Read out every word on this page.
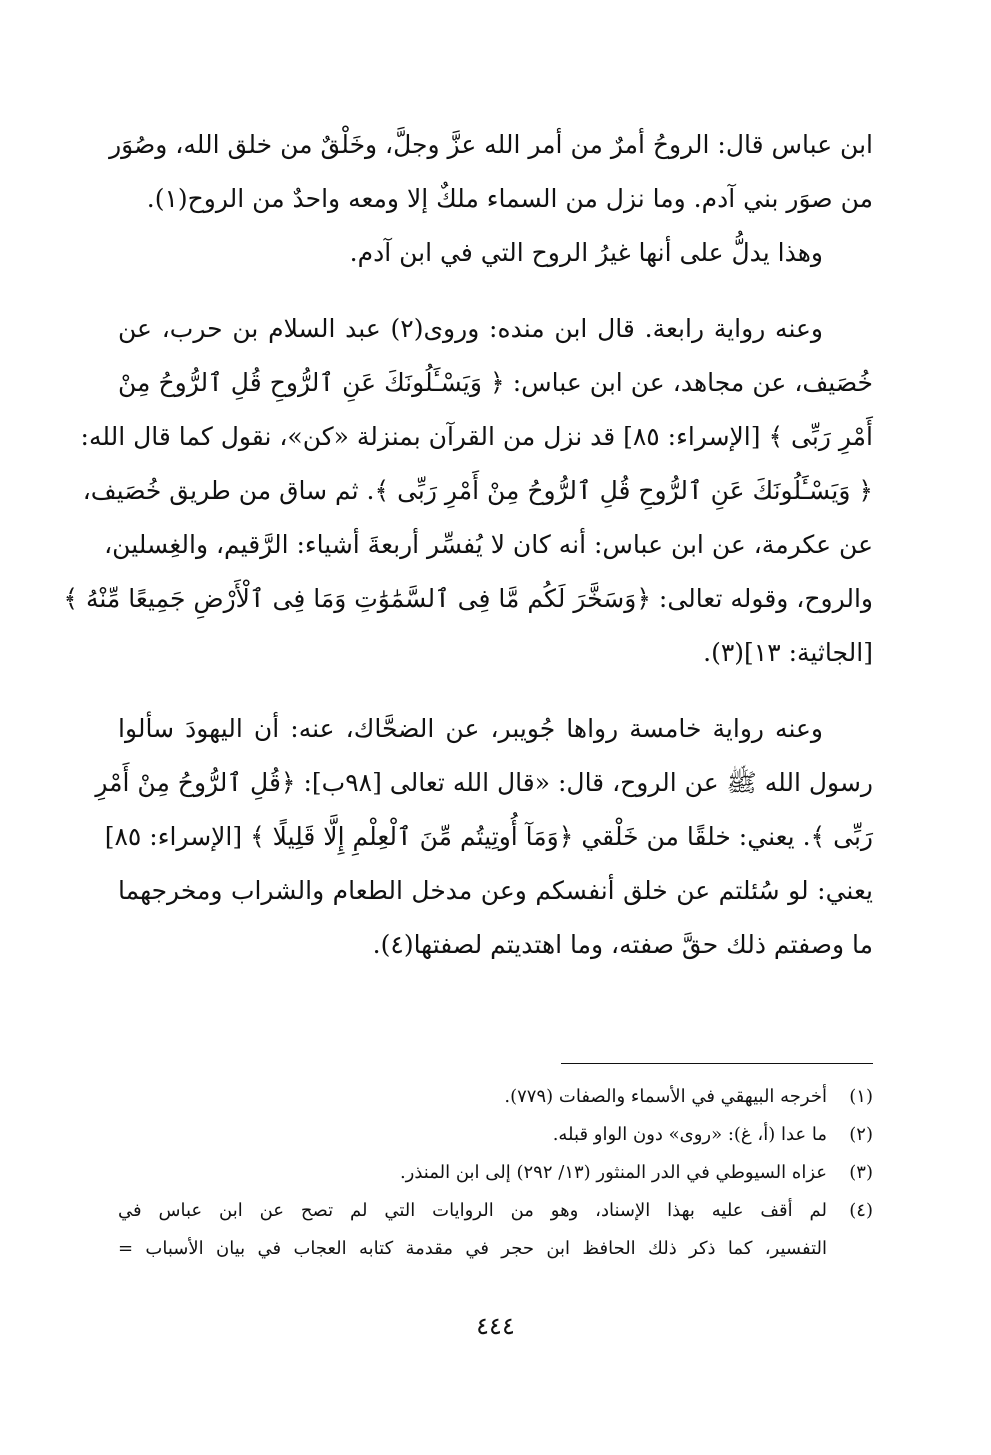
ابن عباس قال: الروحُ أمرٌ من أمر الله عزَّ وجلَّ، وخَلْقٌ من خلق الله، وصُوَر
من صوَر بني آدم. وما نزل من السماء ملكٌ إلا ومعه واحدٌ من الروح(١).
وهذا يدلُّ على أنها غيرُ الروح التي في ابن آدم.
وعنه رواية رابعة. قال ابن منده: وروى(٢) عبد السلام بن حرب، عن
خُصَيف، عن مجاهد، عن ابن عباس: ﴿ وَيَسْـَٔلُونَكَ عَنِ ٱلرُّوحِ قُلِ ٱلرُّوحُ مِنْ
أَمْرِ رَبِّى ﴾ [الإسراء: ٨٥] قد نزل من القرآن بمنزلة «كن»، نقول كما قال الله:
﴿ وَيَسْـَٔلُونَكَ عَنِ ٱلرُّوحِ قُلِ ٱلرُّوحُ مِنْ أَمْرِ رَبِّى ﴾. ثم ساق من طريق خُصَيف،
عن عكرمة، عن ابن عباس: أنه كان لا يُفسِّر أربعةَ أشياء: الرَّقيم، والغِسلين،
والروح، وقوله تعالى: ﴿وَسَخَّرَ لَكُم مَّا فِى ٱلسَّمَٰوَٰتِ وَمَا فِى ٱلْأَرْضِ جَمِيعًا مِّنْهُ ﴾
[الجاثية: ١٣](٣).
وعنه رواية خامسة رواها جُويبر، عن الضحَّاك، عنه: أن اليهودَ سألوا
رسول الله ﷺ عن الروح، قال: «قال الله تعالى [٩٨ب]: ﴿قُلِ ٱلرُّوحُ مِنْ أَمْرِ
رَبِّى ﴾. يعني: خلقًا من خَلْقي ﴿وَمَآ أُوتِيتُم مِّنَ ٱلْعِلْمِ إِلَّا قَلِيلًا ﴾ [الإسراء: ٨٥]
يعني: لو سُئلتم عن خلق أنفسكم وعن مدخل الطعام والشراب ومخرجهما
ما وصفتم ذلك حقَّ صفته، وما اهتديتم لصفتها(٤).
(١)أخرجه البيهقي في الأسماء والصفات (٧٧٩).
(٢)ما عدا (أ، غ): «روى» دون الواو قبله.
(٣)عزاه السيوطي في الدر المنثور (١٣/ ٢٩٢) إلى ابن المنذر.
(٤)لم أقف عليه بهذا الإسناد، وهو من الروايات التي لم تصح عن ابن عباس في
التفسير، كما ذكر ذلك الحافظ ابن حجر في مقدمة كتابه العجاب في بيان الأسباب =
٤٤٤
